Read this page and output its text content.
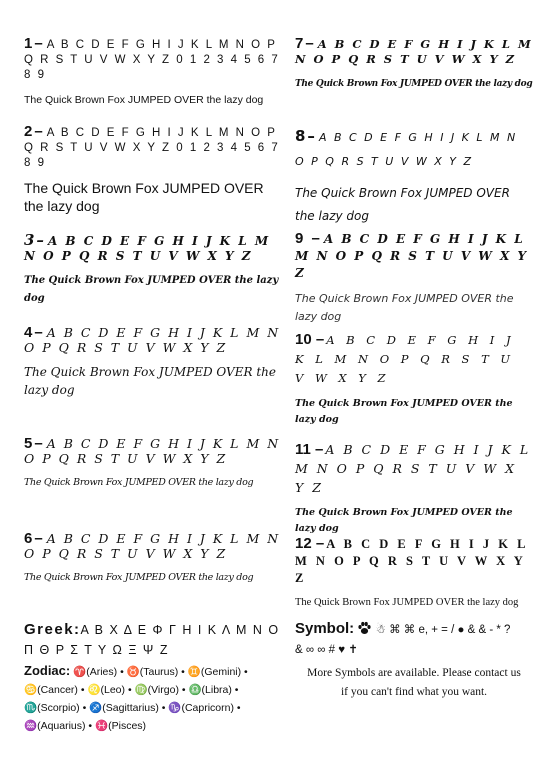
1– A B C D E F G H I J K L M N O P Q R S T U V W X Y Z 0 1 2 3 4 5 6 7 8 9
The Quick Brown Fox JUMPED OVER the lazy dog
2– A B C D E F G H I J K L M N O P Q R S T U V W X Y Z 0 1 2 3 4 5 6 7 8 9
The Quick Brown Fox JUMPED OVER the lazy dog
3– A B C D E F G H I J K L M N O P Q R S T U V W X Y Z
The Quick Brown Fox JUMPED OVER the lazy dog
4– A B C D E F G H I J K L M N O P Q R S T U V W X Y Z
The Quick Brown Fox JUMPED OVER the lazy dog
5– A B C D E F G H I J K L M N O P Q R S T U V W X Y Z
The Quick Brown Fox JUMPED OVER the lazy dog
6– A B C D E F G H I J K L M N O P Q R S T U V W X Y Z
The Quick Brown Fox JUMPED OVER the lazy dog
Greek:Α Β Χ Δ Ε Φ Γ Η Ι Κ Λ Μ Ν Ο Π Θ Ρ Σ Τ Υ Ω Ξ Ψ Ζ
Zodiac: ♈(Aries) • ♉(Taurus) • ♊(Gemini) •
♋(Cancer) • ♌(Leo) • ♍(Virgo) • ♎(Libra) •
♏(Scorpio) • ♐(Sagittarius) • ♑(Capricorn) •
♒(Aquarius) • ♓(Pisces)
7– A B C D E F G H I J K L M N O P Q R S T U V W X Y Z
The Quick Brown Fox JUMPED OVER the lazy dog
8– A B C D E F G H I J K L M N O P Q R S T U V W X Y Z
The Quick Brown Fox JUMPED OVER the lazy dog
9 – A B C D E F G H I J K L M N O P Q R S T U V W X Y Z
The Quick Brown Fox JUMPED OVER the lazy dog
10 – A B C D E F G H I J K L M N O P Q R S T U V W X Y Z
The Quick Brown Fox JUMPED OVER the lazy dog
11 – A B C D E F G H I J K L M N O P Q R S T U V W X Y Z
The Quick Brown Fox JUMPED OVER the lazy dog
12 – A B C D E F G H I J K L M N O P Q R S T U V W X Y Z
The Quick Brown Fox JUMPED OVER the lazy dog
Symbol: ☃ ⌘ ⌘ e, + = / ● & & - * ?
& ∞ ∞ # ♥ ✝
More Symbols are available. Please contact us
if you can't find what you want.
